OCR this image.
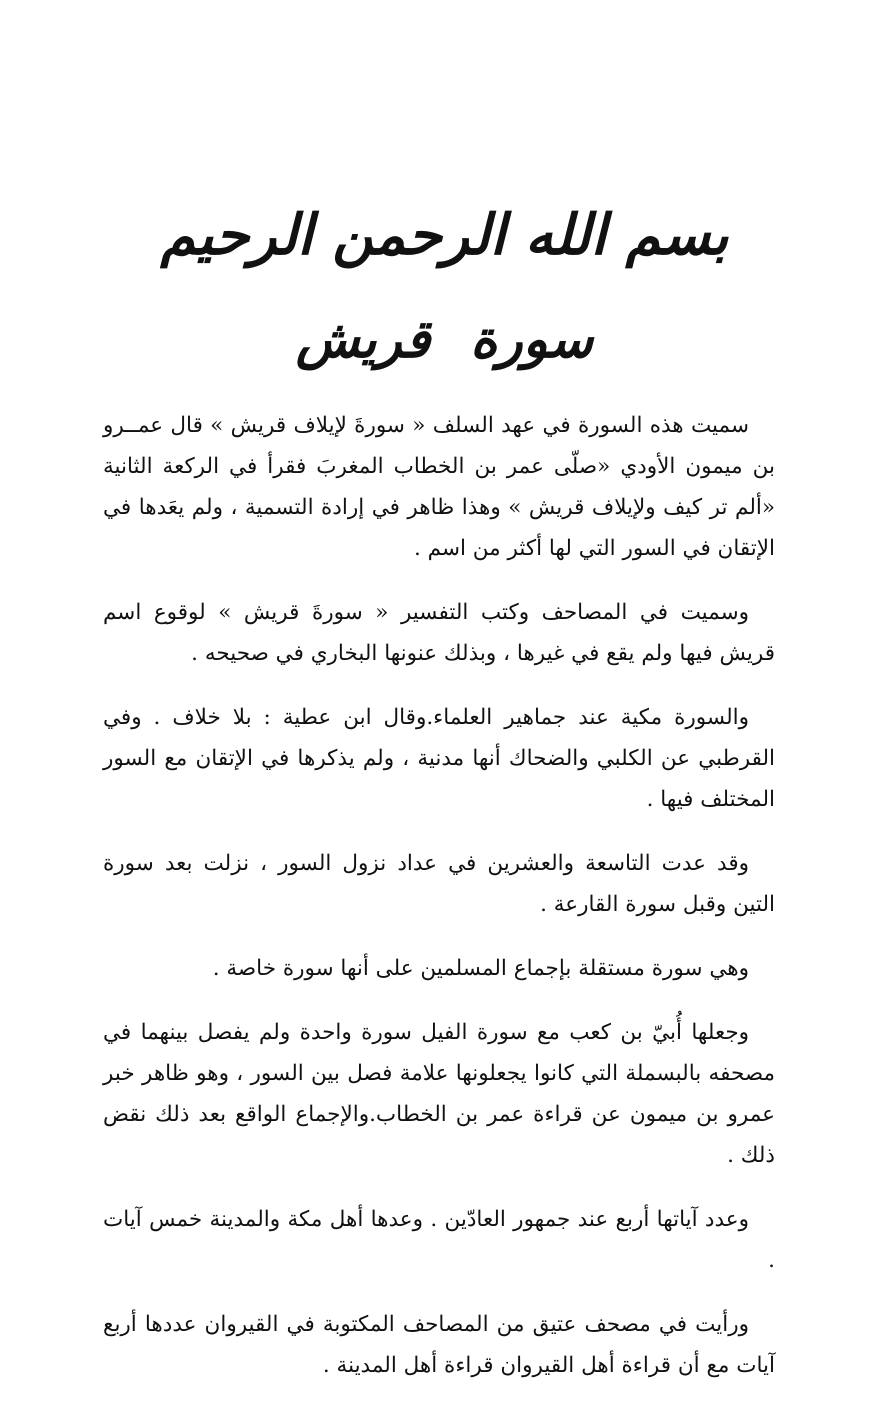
بسم الله الرحمن الرحيم
سورة قريش

سميت هذه السورة في عهد السلف « سورةَ لإيلاف قريش » قال عمــرو بن ميمون الأودي «صلّى عمر بن الخطاب المغربَ فقرأ في الركعة الثانية «ألم تر كيف ولإيلاف قريش » وهذا ظاهر في إرادة التسمية ، ولم يعَدها في الإتقان في السور التي لها أكثر من اسم .

وسميت في المصاحف وكتب التفسير « سورةَ قريش » لوقوع اسم قريش فيها ولم يقع في غيرها ، وبذلك عنونها البخاري في صحيحه .

والسورة مكية عند جماهير العلماء.وقال ابن عطية : بلا خلاف . وفي القرطبي عن الكلبي والضحاك أنها مدنية ، ولم يذكرها في الإتقان مع السور المختلف فيها .

وقد عدت التاسعة والعشرين في عداد نزول السور ، نزلت بعد سورة التين وقبل سورة القارعة .

وهي سورة مستقلة بإجماع المسلمين على أنها سورة خاصة .

وجعلها أُبيّ بن كعب مع سورة الفيل سورة واحدة ولم يفصل بينهما في مصحفه بالبسملة التي كانوا يجعلونها علامة فصل بين السور ، وهو ظاهر خبر عمرو بن ميمون عن قراءة عمر بن الخطاب.والإجماع الواقع بعد ذلك نقض ذلك .

وعدد آياتها أربع عند جمهور العادّين . وعدها أهل مكة والمدينة خمس آيات .

ورأيت في مصحف عتيق من المصاحف المكتوبة في القيروان عددها أربع آيات مع أن قراءة أهل القيروان قراءة أهل المدينة .
